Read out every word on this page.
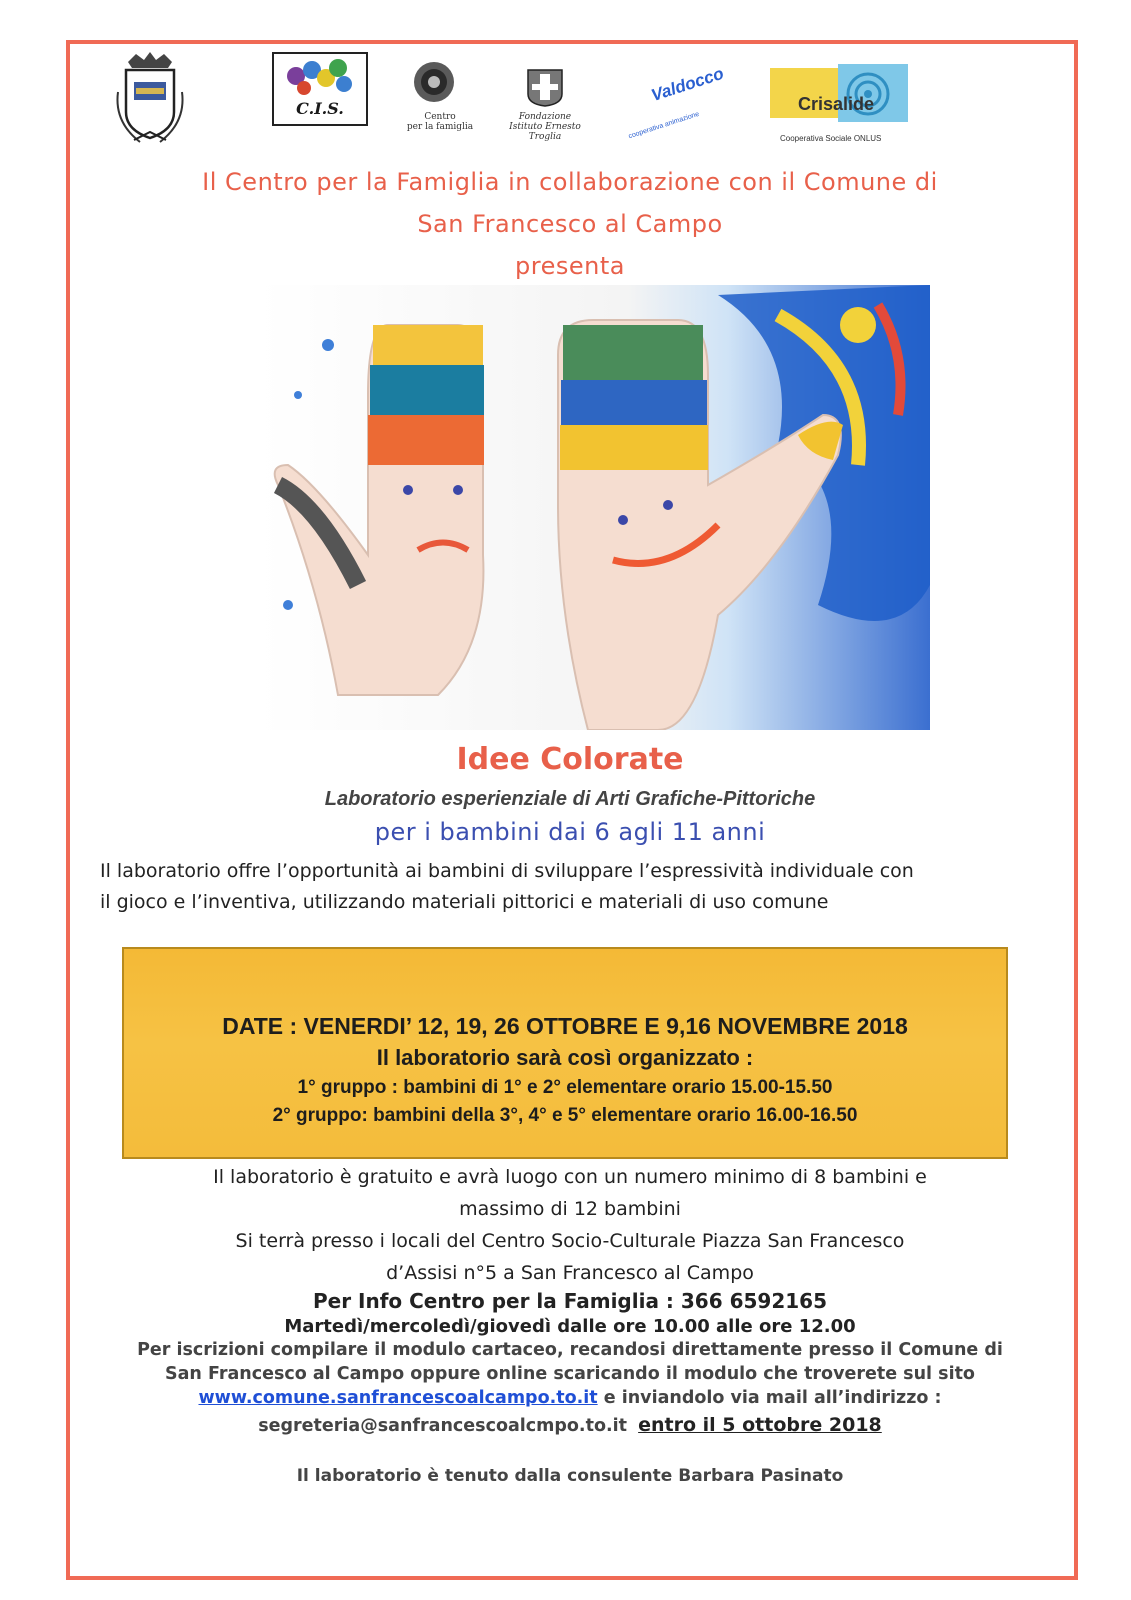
C.I.S.	Centro
per la famiglia
Fondazione
Istituto Ernesto Troglia
Valdocco
cooperativa animazione
Crisalide
Cooperativa Sociale ONLUS
Il Centro per la Famiglia in collaborazione con il Comune di
San Francesco al Campo
presenta
Idee Colorate
Laboratorio esperienziale di Arti Grafiche-Pittoriche
per i bambini dai 6 agli 11 anni
Il laboratorio offre l’opportunità ai bambini di sviluppare l’espressività individuale con
il gioco e l’inventiva, utilizzando materiali pittorici e materiali di uso comune
DATE : VENERDI’ 12, 19, 26 OTTOBRE E 9,16 NOVEMBRE 2018
Il laboratorio sarà così organizzato :
1° gruppo : bambini di 1° e 2° elementare orario 15.00-15.50
2° gruppo: bambini della 3°, 4° e 5° elementare orario 16.00-16.50
Il laboratorio è gratuito e avrà luogo con un numero minimo di 8 bambini e
massimo di 12 bambini
Si terrà presso i locali del Centro Socio-Culturale Piazza San Francesco
d’Assisi n°5 a San Francesco al Campo
Per Info Centro per la Famiglia : 366 6592165
Martedì/mercoledì/giovedì dalle ore 10.00 alle ore 12.00
Per iscrizioni compilare il modulo cartaceo, recandosi direttamente presso il Comune di
San Francesco al Campo oppure online scaricando il modulo che troverete sul sito
www.comune.sanfrancescoalcampo.to.it e inviandolo via mail all’indirizzo :
segreteria@sanfrancescoalcmpo.to.it entro il 5 ottobre 2018
Il laboratorio è tenuto dalla consulente Barbara Pasinato
